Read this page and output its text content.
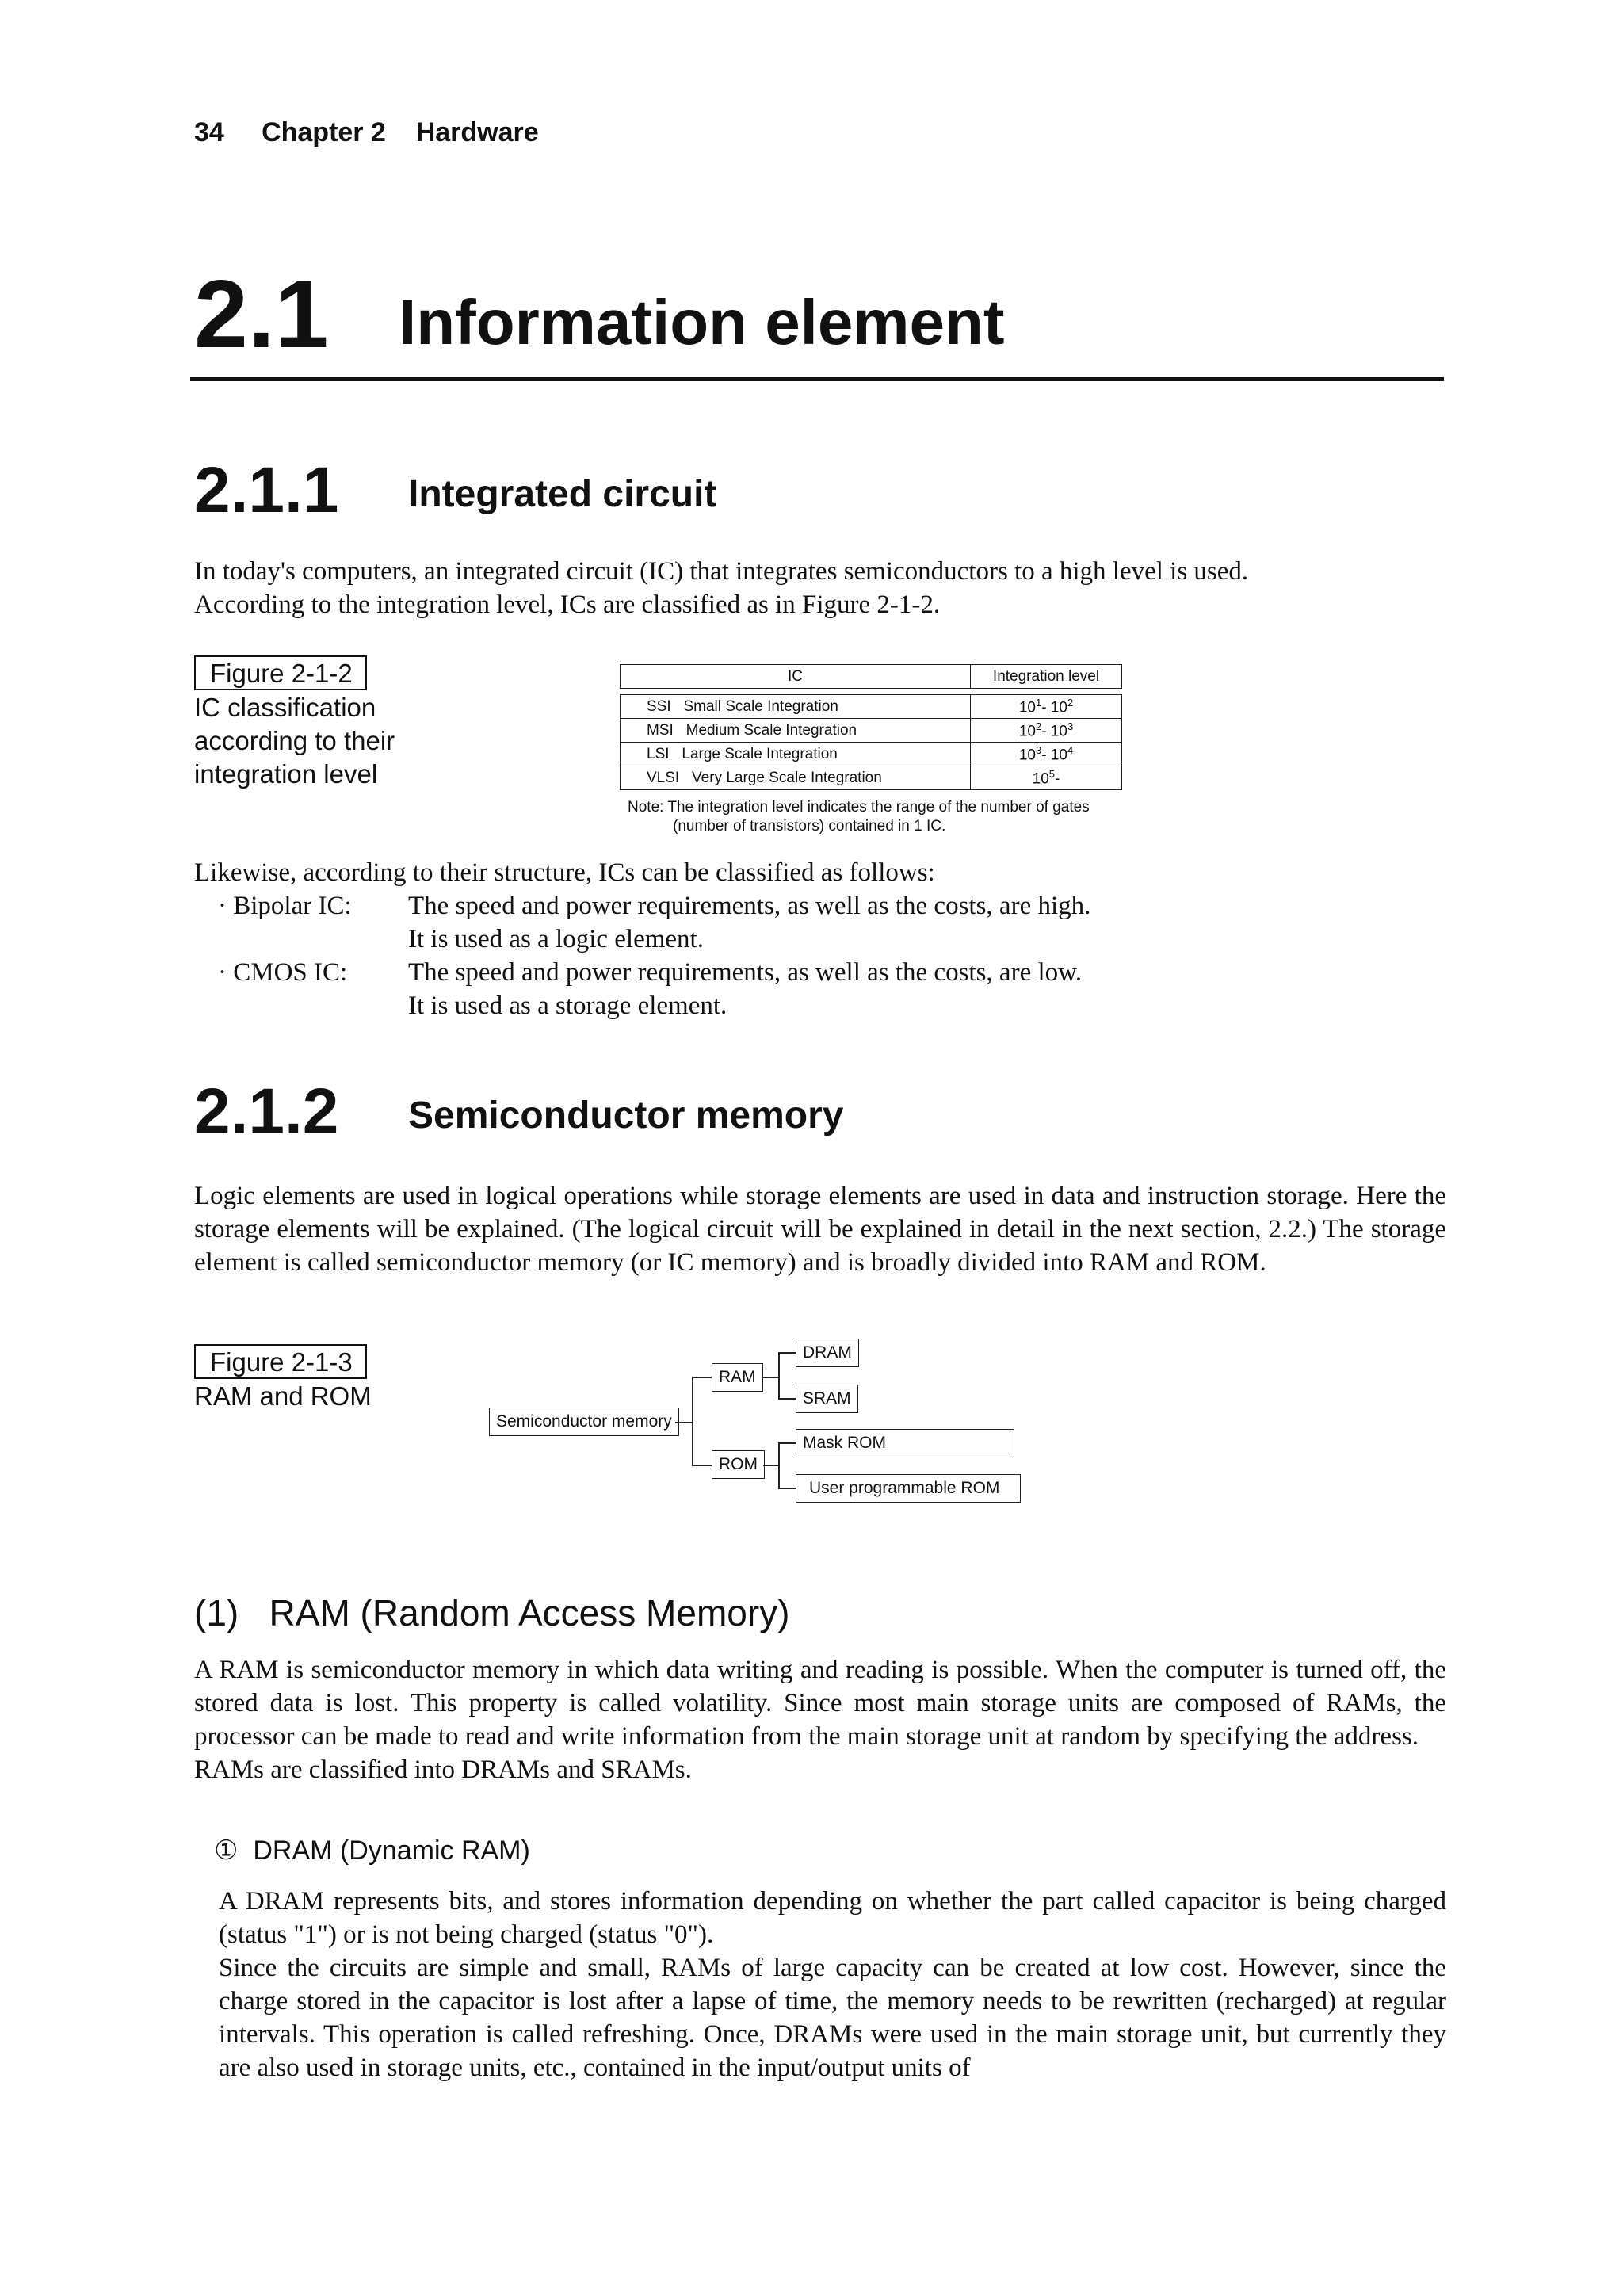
34 Chapter 2 Hardware
2.1 Information element
2.1.1 Integrated circuit

In today's computers, an integrated circuit (IC) that integrates semiconductors to a high level is used.

According to the integration level, ICs are classified as in Figure 2-1-2.

Figure 2-1-2
IC classification
according to their
integration level
IC	Integration level

SSI Small Scale Integration	$10^1-$ $10^2$
MSI Medium Scale Integration	$10^2-$ $10^3$
LSI Large Scale Integration	$10^3-$ $10^4$
VLSI Very Large Scale Integration	$10^5-$
Note: The integration level indicates the range of the number of gates
(number of transistors) contained in 1 IC.
Likewise, according to their structure, ICs can be classified as follows:
· Bipolar IC: The speed and power requirements, as well as the costs, are high.
It is used as a logic element.
· CMOS IC: The speed and power requirements, as well as the costs, are low.
It is used as a storage element.
2.1.2 Semiconductor memory
Logic elements are used in logical operations while storage elements are used in data and instruction storage. Here the storage elements will be explained. (The logical circuit will be explained in detail in the next section, 2.2.) The storage element is called semiconductor memory (or IC memory) and is broadly divided into RAM and ROM.
Figure 2-1-3
RAM and ROM
Semiconductor memory
RAM
ROM
DRAM
SRAM
Mask ROM
User programmable ROM
(1)   RAM (Random Access Memory)

A RAM is semiconductor memory in which data writing and reading is possible. When the computer is turned off, the stored data is lost. This property is called volatility. Since most main storage units are composed of RAMs, the processor can be made to read and write information from the main storage unit at random by specifying the address.

RAMs are classified into DRAMs and SRAMs.

①  DRAM (Dynamic RAM)

A DRAM represents bits, and stores information depending on whether the part called capacitor is being charged (status "1") or is not being charged (status "0").

Since the circuits are simple and small, RAMs of large capacity can be created at low cost. However, since the charge stored in the capacitor is lost after a lapse of time, the memory needs to be rewritten (recharged) at regular intervals. This operation is called refreshing. Once, DRAMs were used in the main storage unit, but currently they are also used in storage units, etc., contained in the input/output units of
